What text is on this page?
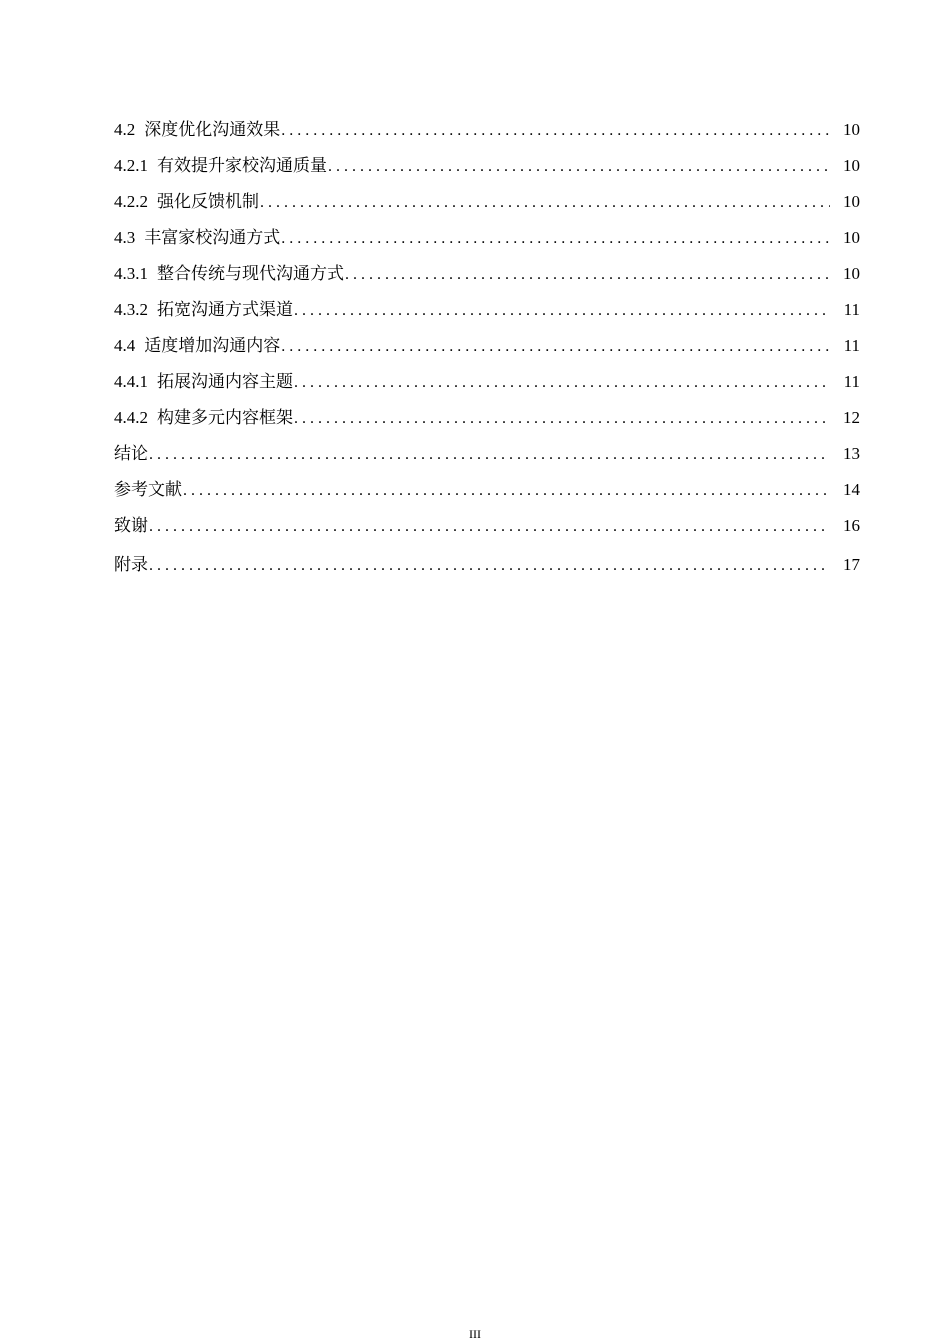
4.2 深度优化沟通效果 . . .	10
4.2.1 有效提升家校沟通质量 . . .	10
4.2.2 强化反馈机制 . . .	10
4.3 丰富家校沟通方式 . . .	10
4.3.1 整合传统与现代沟通方式 . . .	10
4.3.2 拓宽沟通方式渠道 . . .	11
4.4 适度增加沟通内容 . . .	11
4.4.1 拓展沟通内容主题 . . .	11
4.4.2 构建多元内容框架 . . .	12
结论 . . .	13
参考文献 . . .	14
致谢 . . .	16
附录 . . .	17
III
